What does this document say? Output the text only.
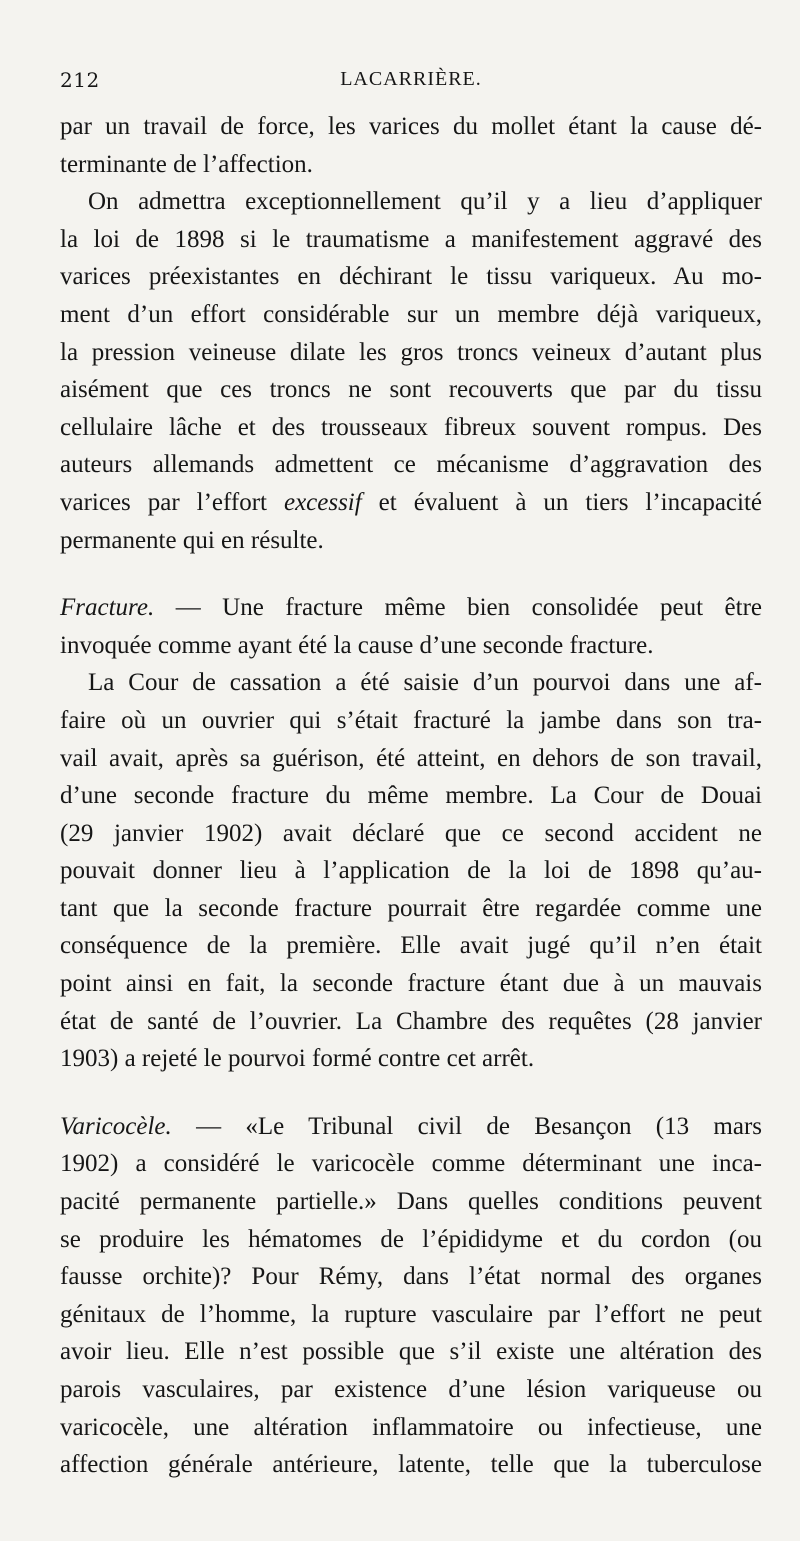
212	LACARRIÈRE.

par un travail de force, les varices du mollet étant la cause dé-
terminante de l’affection.

On admettra exceptionnellement qu’il y a lieu d’appliquer
la loi de 1898 si le traumatisme a manifestement aggravé des
varices préexistantes en déchirant le tissu variqueux. Au mo-
ment d’un effort considérable sur un membre déjà variqueux,
la pression veineuse dilate les gros troncs veineux d’autant plus
aisément que ces troncs ne sont recouverts que par du tissu
cellulaire lâche et des trousseaux fibreux souvent rompus. Des
auteurs allemands admettent ce mécanisme d’aggravation des
varices par l’effort excessif et évaluent à un tiers l’incapacité
permanente qui en résulte.

Fracture. — Une fracture même bien consolidée peut être
invoquée comme ayant été la cause d’une seconde fracture.

La Cour de cassation a été saisie d’un pourvoi dans une af-
faire où un ouvrier qui s’était fracturé la jambe dans son tra-
vail avait, après sa guérison, été atteint, en dehors de son travail,
d’une seconde fracture du même membre. La Cour de Douai
(29 janvier 1902) avait déclaré que ce second accident ne
pouvait donner lieu à l’application de la loi de 1898 qu’au-
tant que la seconde fracture pourrait être regardée comme une
conséquence de la première. Elle avait jugé qu’il n’en était
point ainsi en fait, la seconde fracture étant due à un mauvais
état de santé de l’ouvrier. La Chambre des requêtes (28 janvier
1903) a rejeté le pourvoi formé contre cet arrêt.

Varicocèle. — «Le Tribunal civil de Besançon (13 mars
1902) a considéré le varicocèle comme déterminant une inca-
pacité permanente partielle.» Dans quelles conditions peuvent
se produire les hématomes de l’épididyme et du cordon (ou
fausse orchite)? Pour Rémy, dans l’état normal des organes
génitaux de l’homme, la rupture vasculaire par l’effort ne peut
avoir lieu. Elle n’est possible que s’il existe une altération des
parois vasculaires, par existence d’une lésion variqueuse ou
varicocèle, une altération inflammatoire ou infectieuse, une
affection générale antérieure, latente, telle que la tuberculose
